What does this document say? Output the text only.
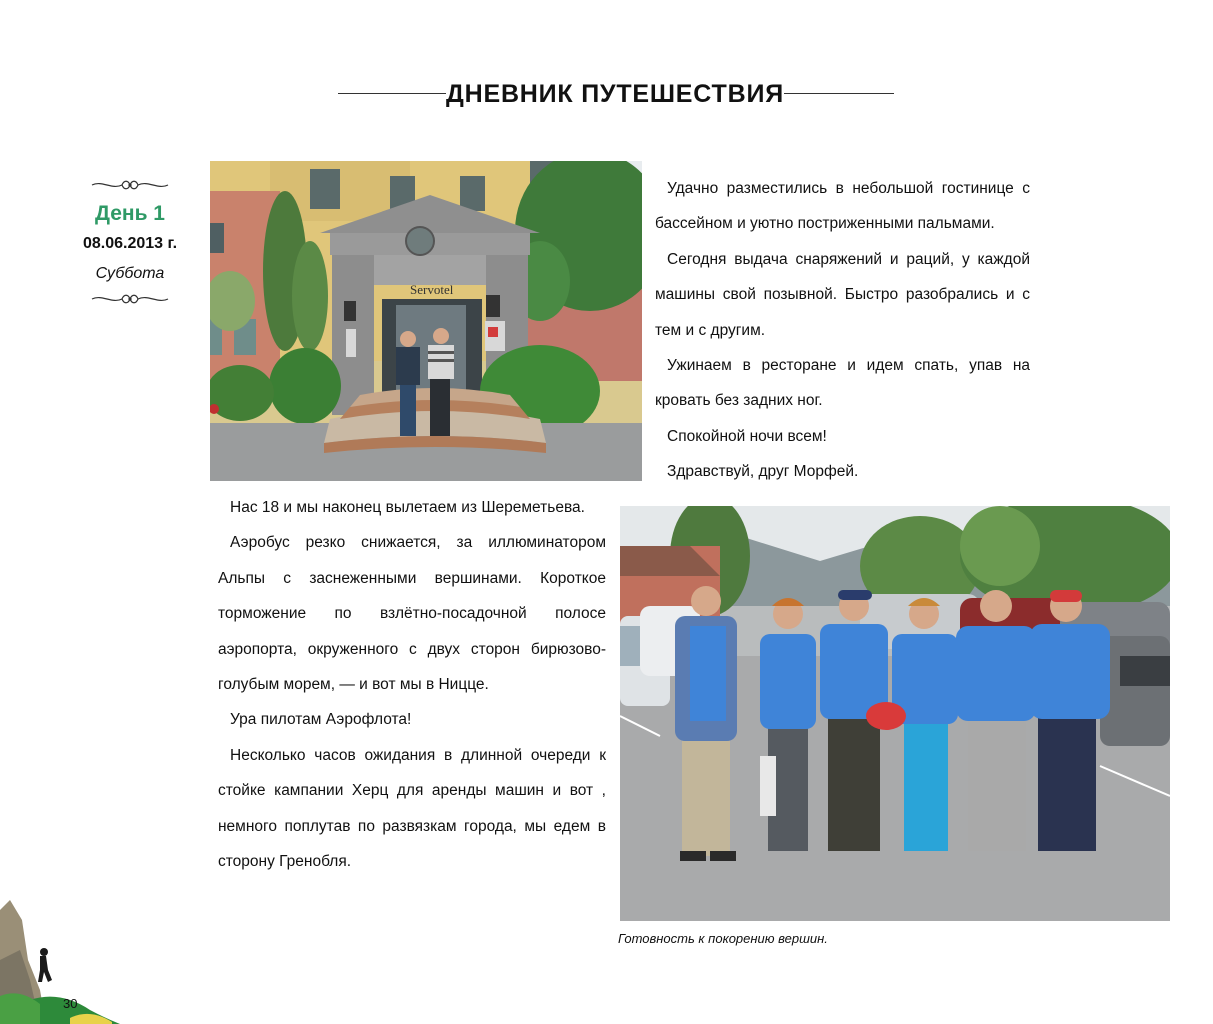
ДНЕВНИК ПУТЕШЕСТВИЯ
День 1
08.06.2013 г.
Суббота
Servotel

Удачно разместились в небольшой гостинице с бассейном и уютно постриженными пальмами.

Сегодня выдача снаряжений и раций, у каждой машины свой позывной. Быстро разобрались и с тем и с другим.

Ужинаем в ресторане и идем спать, упав на кровать без задних ног.

Спокойной ночи всем!

Здравствуй, друг Морфей.

Нас 18 и мы наконец вылетаем из Шереметьева.

Аэробус резко снижается, за иллюминатором Альпы с заснеженными вершинами. Короткое торможение по взлётно-посадочной полосе аэропорта, окруженного с двух сторон бирюзово-голубым морем, — и вот мы в Ницце.

Ура пилотам Аэрофлота!

Несколько часов ожидания в длинной очереди к стойке кампании Херц для аренды машин и вот , немного поплутав по развязкам города, мы едем в сторону Гренобля.

Готовность к покорению вершин.
30
